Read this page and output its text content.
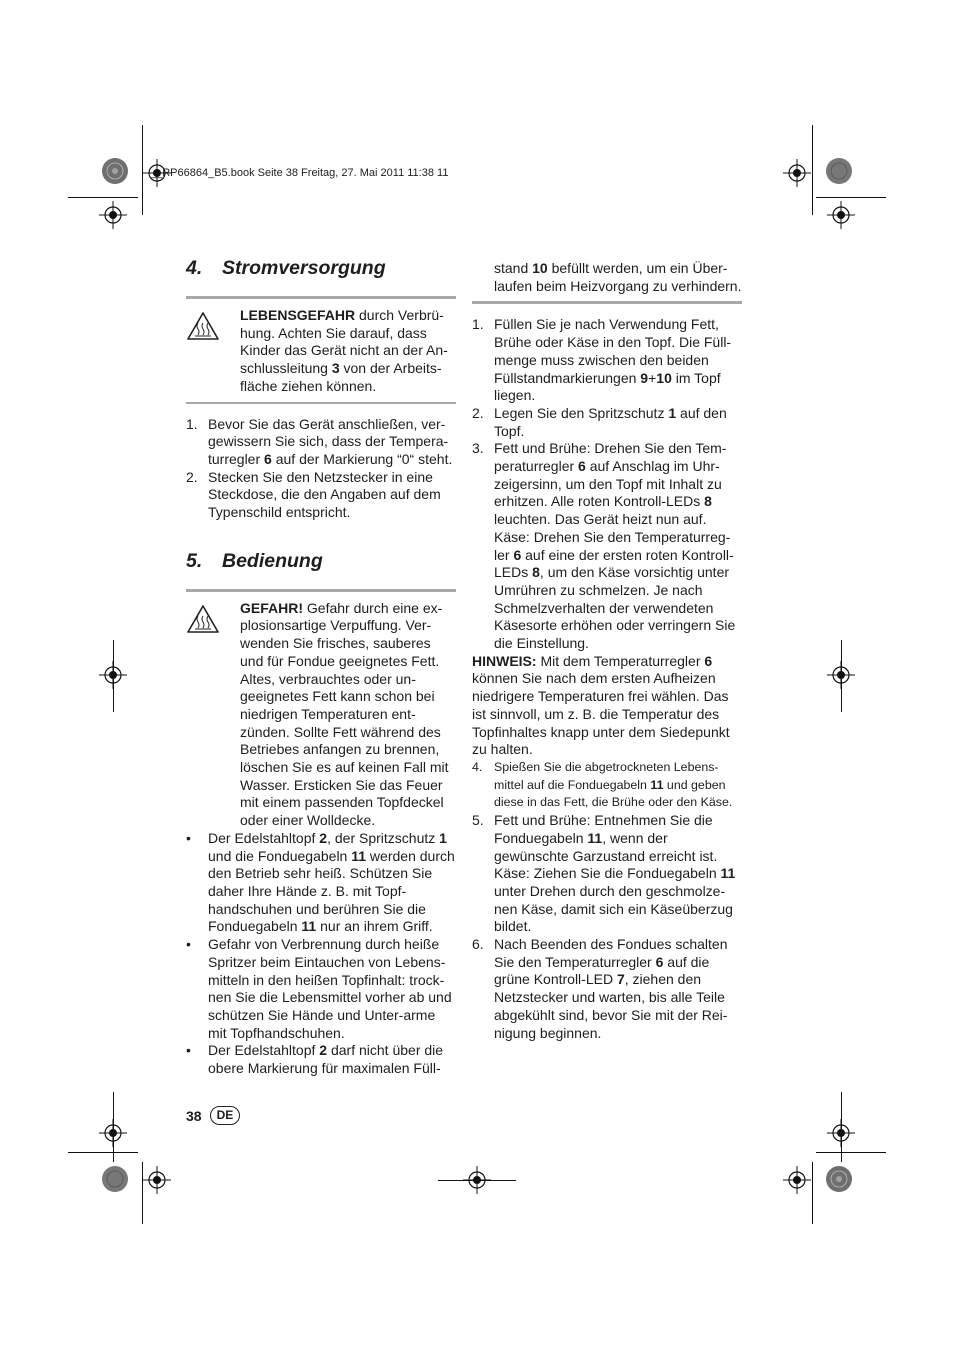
__RP66864_B5.book Seite 38 Freitag, 27. Mai 2011 11:38 11
4. Stromversorgung
LEBENSGEFAHR durch Verbrü-hung. Achten Sie darauf, dass Kinder das Gerät nicht an der An-schlussleitung 3 von der Arbeits-fläche ziehen können.
1. Bevor Sie das Gerät anschließen, ver-gewissern Sie sich, dass der Tempera-turregler 6 auf der Markierung “0“ steht.
2. Stecken Sie den Netzstecker in eine Steckdose, die den Angaben auf dem Typenschild entspricht.
5. Bedienung
GEFAHR! Gefahr durch eine ex-plosionsartige Verpuffung. Ver-wenden Sie frisches, sauberes und für Fondue geeignetes Fett. Altes, verbrauchtes oder un-geeignetes Fett kann schon bei niedrigen Temperaturen ent-zünden. Sollte Fett während des Betriebes anfangen zu brennen, löschen Sie es auf keinen Fall mit Wasser. Ersticken Sie das Feuer mit einem passenden Topfdeckel oder einer Wolldecke.
• Der Edelstahltopf 2, der Spritzschutz 1 und die Fonduegabeln 11 werden durch den Betrieb sehr heiß. Schützen Sie daher Ihre Hände z. B. mit Topf-handschuhen und berühren Sie die Fonduegabeln 11 nur an ihrem Griff.
• Gefahr von Verbrennung durch heiße Spritzer beim Eintauchen von Lebens-mitteln in den heißen Topfinhalt: trock-nen Sie die Lebensmittel vorher ab und schützen Sie Hände und Unter-arme mit Topfhandschuhen.
• Der Edelstahltopf 2 darf nicht über die obere Markierung für maximalen Füll-

stand 10 befüllt werden, um ein Über-laufen beim Heizvorgang zu verhindern.

1. Füllen Sie je nach Verwendung Fett, Brühe oder Käse in den Topf. Die Füll-menge muss zwischen den beiden Füllstandmarkierungen 9+10 im Topf liegen.
2. Legen Sie den Spritzschutz 1 auf den Topf.
3. Fett und Brühe: Drehen Sie den Tem-peraturregler 6 auf Anschlag im Uhr-zeigersinn, um den Topf mit Inhalt zu erhitzen. Alle roten Kontroll-LEDs 8 leuchten. Das Gerät heizt nun auf. Käse: Drehen Sie den Temperaturreg-ler 6 auf eine der ersten roten Kontroll-LEDs 8, um den Käse vorsichtig unter Umrühren zu schmelzen. Je nach Schmelzverhalten der verwendeten Käsesorte erhöhen oder verringern Sie die Einstellung.

HINWEIS: Mit dem Temperaturregler 6 können Sie nach dem ersten Aufheizen niedrigere Temperaturen frei wählen. Das ist sinnvoll, um z. B. die Temperatur des Topfinhaltes knapp unter dem Siedepunkt zu halten.

4. Spießen Sie die abgetrockneten Lebens-mittel auf die Fonduegabeln 11 und geben diese in das Fett, die Brühe oder den Käse.
5. Fett und Brühe: Entnehmen Sie die Fonduegabeln 11, wenn der gewünschte Garzustand erreicht ist. Käse: Ziehen Sie die Fonduegabeln 11 unter Drehen durch den geschmolze-nen Käse, damit sich ein Käseüberzug bildet.
6. Nach Beenden des Fondues schalten Sie den Temperaturregler 6 auf die grüne Kontroll-LED 7, ziehen den Netzstecker und warten, bis alle Teile abgekühlt sind, bevor Sie mit der Rei-nigung beginnen.
38	DE
